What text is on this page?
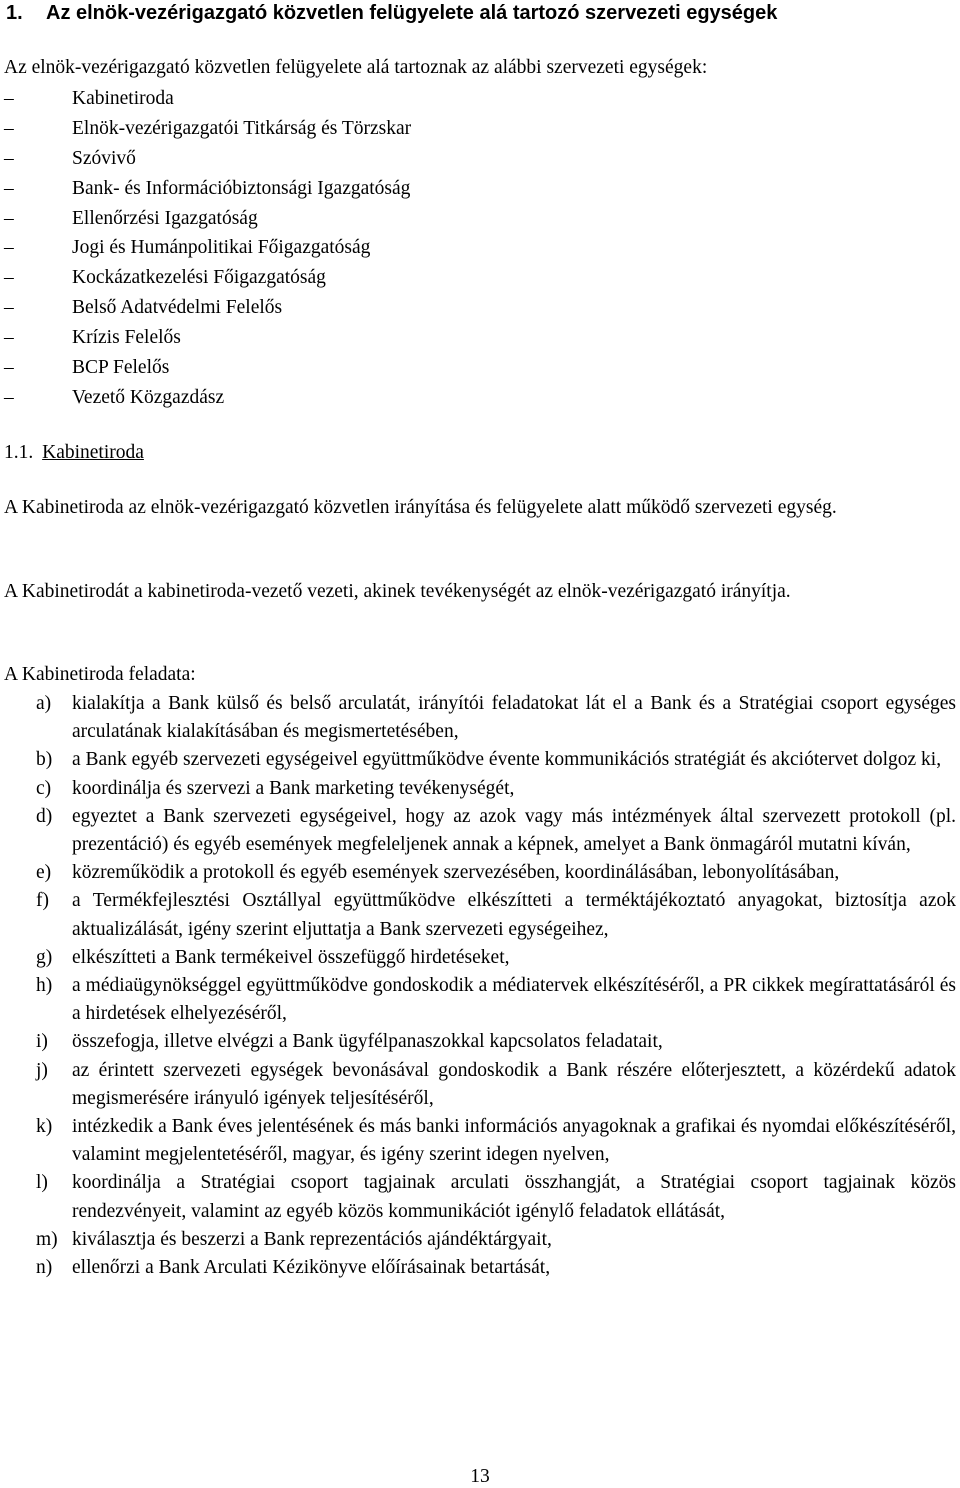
1.	Az elnök-vezérigazgató közvetlen felügyelete alá tartozó szervezeti egységek
Az elnök-vezérigazgató közvetlen felügyelete alá tartoznak az alábbi szervezeti egységek:
–	Kabinetiroda
–	Elnök-vezérigazgatói Titkárság és Törzskar
–	Szóvivő
–	Bank- és Információbiztonsági Igazgatóság
–	Ellenőrzési Igazgatóság
–	Jogi és Humánpolitikai Főigazgatóság
–	Kockázatkezelési Főigazgatóság
–	Belső Adatvédelmi Felelős
–	Krízis Felelős
–	BCP Felelős
–	Vezető Közgazdász
1.1. Kabinetiroda
A Kabinetiroda az elnök-vezérigazgató közvetlen irányítása és felügyelete alatt működő szervezeti egység.
A Kabinetirodát a kabinetiroda-vezető vezeti, akinek tevékenységét az elnök-vezérigazgató irányítja.
A Kabinetiroda feladata:
a) kialakítja a Bank külső és belső arculatát, irányítói feladatokat lát el a Bank és a Stratégiai csoport egységes arculatának kialakításában és megismertetésében,
b) a Bank egyéb szervezeti egységeivel együttműködve évente kommunikációs stratégiát és akciótervet dolgoz ki,
c) koordinálja és szervezi a Bank marketing tevékenységét,
d) egyeztet a Bank szervezeti egységeivel, hogy az azok vagy más intézmények által szervezett protokoll (pl. prezentáció) és egyéb események megfeleljenek annak a képnek, amelyet a Bank önmagáról mutatni kíván,
e) közreműködik a protokoll és egyéb események szervezésében, koordinálásában, lebonyolításában,
f) a Termékfejlesztési Osztállyal együttműködve elkészítteti a terméktájékoztató anyagokat, biztosítja azok aktualizálását, igény szerint eljuttatja a Bank szervezeti egységeihez,
g) elkészítteti a Bank termékeivel összefüggő hirdetéseket,
h) a médiaügynökséggel együttműködve gondoskodik a médiatervek elkészítéséről, a PR cikkek megírattatásáról és a hirdetések elhelyezéséről,
i) összefogja, illetve elvégzi a Bank ügyfélpanaszokkal kapcsolatos feladatait,
j) az érintett szervezeti egységek bevonásával gondoskodik a Bank részére előterjesztett, a közérdekű adatok megismerésére irányuló igények teljesítéséről,
k) intézkedik a Bank éves jelentésének és más banki információs anyagoknak a grafikai és nyomdai előkészítéséről, valamint megjelentetéséről, magyar, és igény szerint idegen nyelven,
l) koordinálja a Stratégiai csoport tagjainak arculati összhangját, a Stratégiai csoport tagjainak közös rendezvényeit, valamint az egyéb közös kommunikációt igénylő feladatok ellátását,
m) kiválasztja és beszerzi a Bank reprezentációs ajándéktárgyait,
n) ellenőrzi a Bank Arculati Kézikönyve előírásainak betartását,
13
